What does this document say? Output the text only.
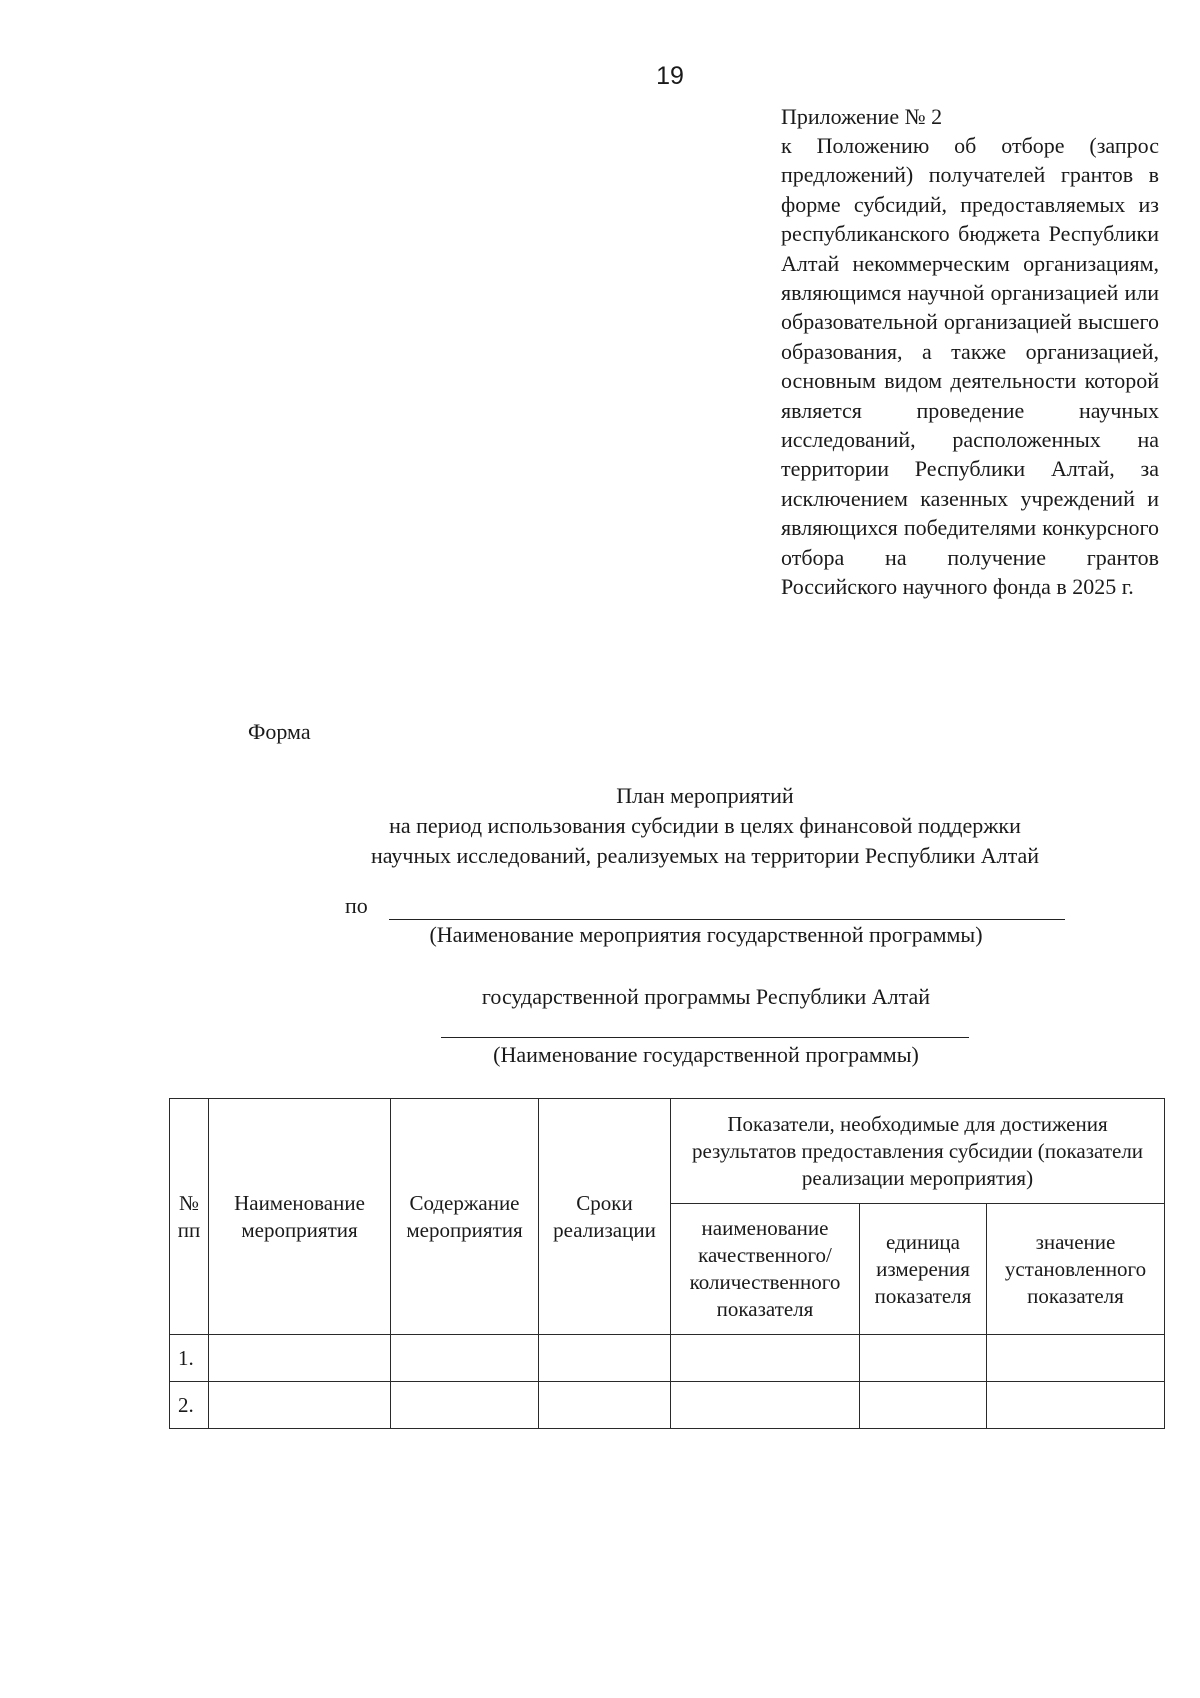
19
Приложение № 2
к Положению об отборе (запрос предложений) получателей грантов в форме субсидий, предоставляемых из республиканского бюджета Республики Алтай некоммерческим организациям, являющимся научной организацией или образовательной организацией высшего образования, а также организацией, основным видом деятельности которой является проведение научных исследований, расположенных на территории Республики Алтай, за исключением казенных учреждений и являющихся победителями конкурсного отбора на получение грантов Российского научного фонда в 2025 г.
Форма
План мероприятий
на период использования субсидии в целях финансовой поддержки
научных исследований, реализуемых на территории Республики Алтай
по
(Наименование мероприятия государственной программы)
государственной программы Республики Алтай
(Наименование государственной программы)
№ пп	Наименование мероприятия	Содержание мероприятия	Сроки реализации	Показатели, необходимые для достижения результатов предоставления субсидии (показатели реализации мероприятия)		
				наименование качественного/ количественного показателя	единица измерения показателя	значение установленного показателя
1.						
2.						
